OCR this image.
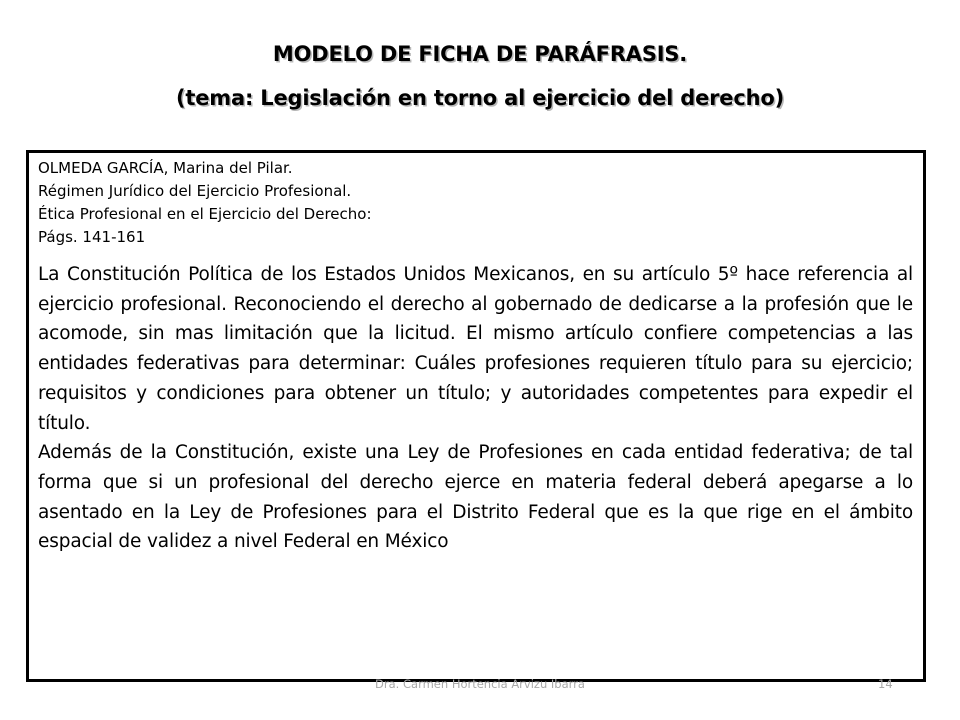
MODELO DE FICHA DE PARÁFRASIS.
(tema: Legislación en torno al ejercicio del derecho)
OLMEDA GARCÍA, Marina del Pilar.
Régimen Jurídico del Ejercicio Profesional.
Ética Profesional en el Ejercicio del Derecho:
Págs. 141-161

La Constitución Política de los Estados Unidos Mexicanos, en su artículo 5º hace referencia al ejercicio profesional. Reconociendo el derecho al gobernado de dedicarse a la profesión que le acomode, sin mas limitación que la licitud. El mismo artículo confiere competencias a las entidades federativas para determinar: Cuáles profesiones requieren título para su ejercicio; requisitos y condiciones para obtener un título; y autoridades competentes para expedir el título.

Además de la Constitución, existe una Ley de Profesiones en cada entidad federativa; de tal forma que si un profesional del derecho ejerce en materia federal deberá apegarse a lo asentado en la Ley de Profesiones para el Distrito Federal que es la que rige en el ámbito espacial de validez a nivel Federal en México

Dra. Carmen Hortencia Arvizu Ibarra	14
